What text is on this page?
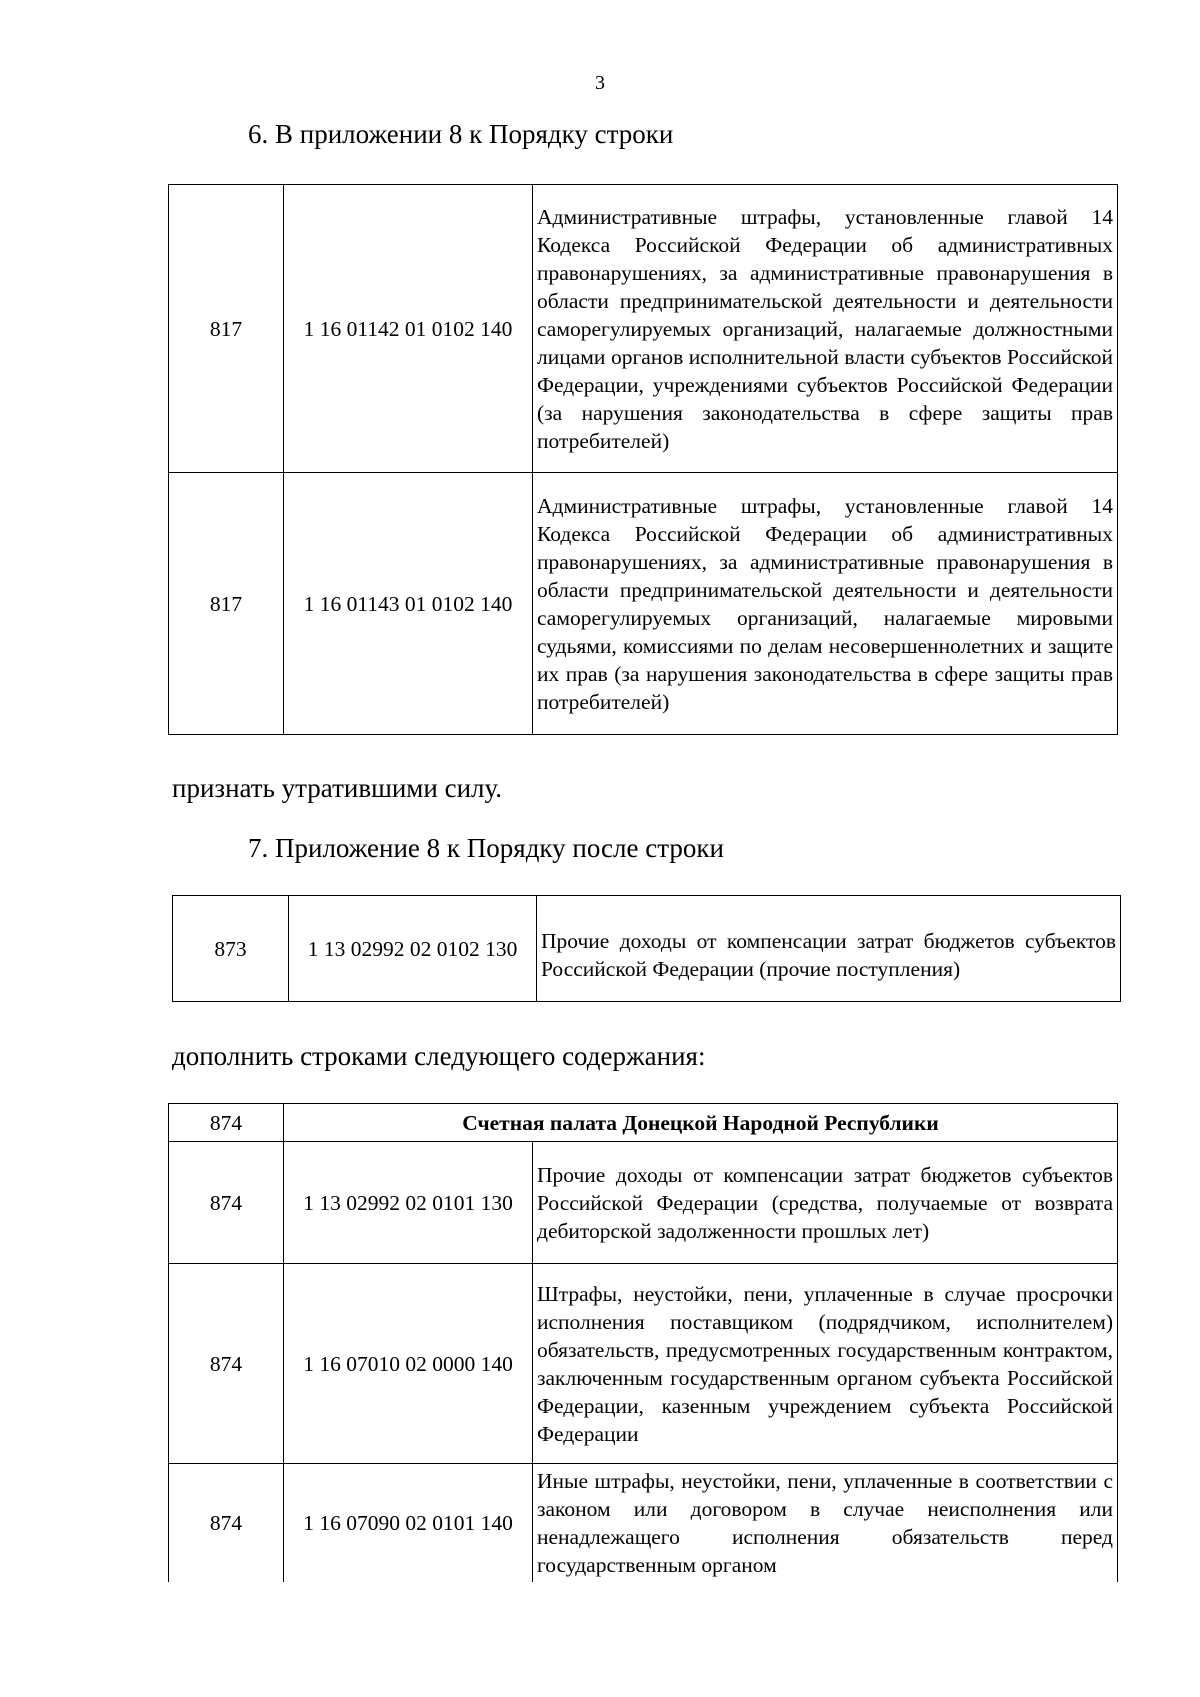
3
6. В приложении 8 к Порядку строки
817	1 16 01142 01 0102 140	Административные штрафы, установленные главой 14 Кодекса Российской Федерации об административных правонарушениях, за административные правонарушения в области предпринимательской деятельности и деятельности саморегулируемых организаций, налагаемые должностными лицами органов исполнительной власти субъектов Российской Федерации, учреждениями субъектов Российской Федерации (за нарушения законодательства в сфере защиты прав потребителей)
817	1 16 01143 01 0102 140	Административные штрафы, установленные главой 14 Кодекса Российской Федерации об административных правонарушениях, за административные правонарушения в области предпринимательской деятельности и деятельности саморегулируемых организаций, налагаемые мировыми судьями, комиссиями по делам несовершеннолетних и защите их прав (за нарушения законодательства в сфере защиты прав потребителей)
признать утратившими силу.
7. Приложение 8 к Порядку после строки
873	1 13 02992 02 0102 130	Прочие доходы от компенсации затрат бюджетов субъектов Российской Федерации (прочие поступления)
дополнить строками следующего содержания:
874	Счетная палата Донецкой Народной Республики	
874	1 13 02992 02 0101 130	Прочие доходы от компенсации затрат бюджетов субъектов Российской Федерации (средства, получаемые от возврата дебиторской задолженности прошлых лет)
874	1 16 07010 02 0000 140	Штрафы, неустойки, пени, уплаченные в случае просрочки исполнения поставщиком (подрядчиком, исполнителем) обязательств, предусмотренных государственным контрактом, заключенным государственным органом субъекта Российской Федерации, казенным учреждением субъекта Российской Федерации
874	1 16 07090 02 0101 140	Иные штрафы, неустойки, пени, уплаченные в соответствии с законом или договором в случае неисполнения или ненадлежащего исполнения обязательств перед государственным органом
